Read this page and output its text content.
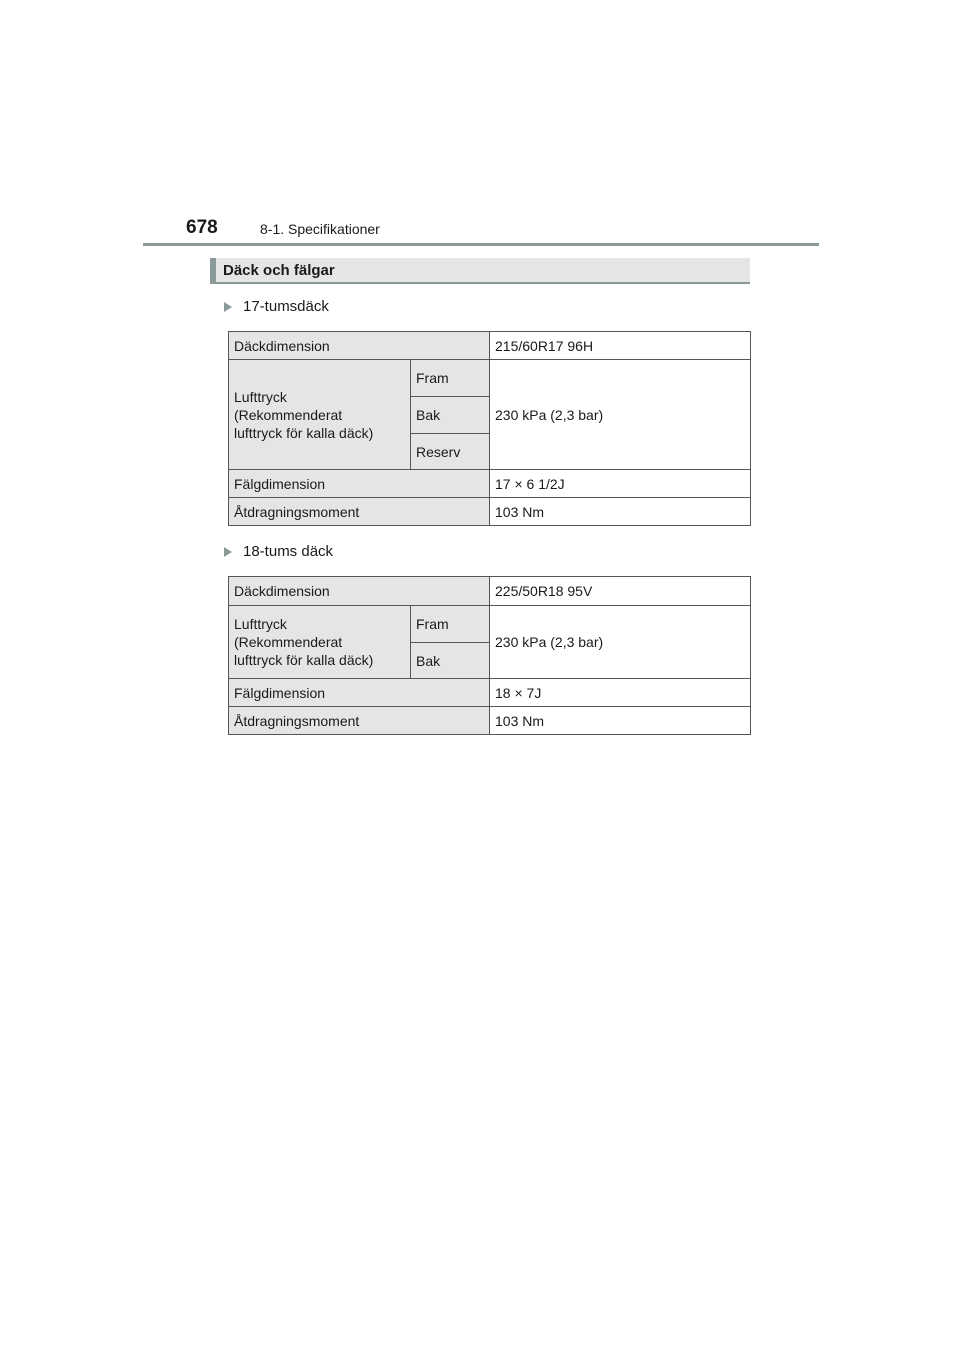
678	8-1. Specifikationer
Däck och fälgar
17-tumsdäck
Däckdimension		215/60R17 96H

Lufttryck
(Rekommenderat
lufttryck för kalla däck)	Fram	230 kPa (2,3 bar)
	Bak	
	Reserv	
Fälgdimension		17 × 6 1/2J
Åtdragningsmoment		103 Nm
18-tums däck
Däckdimension		225/50R18 95V

Lufttryck
(Rekommenderat
lufttryck för kalla däck)	Fram	230 kPa (2,3 bar)
	Bak	
Fälgdimension		18 × 7J
Åtdragningsmoment		103 Nm
